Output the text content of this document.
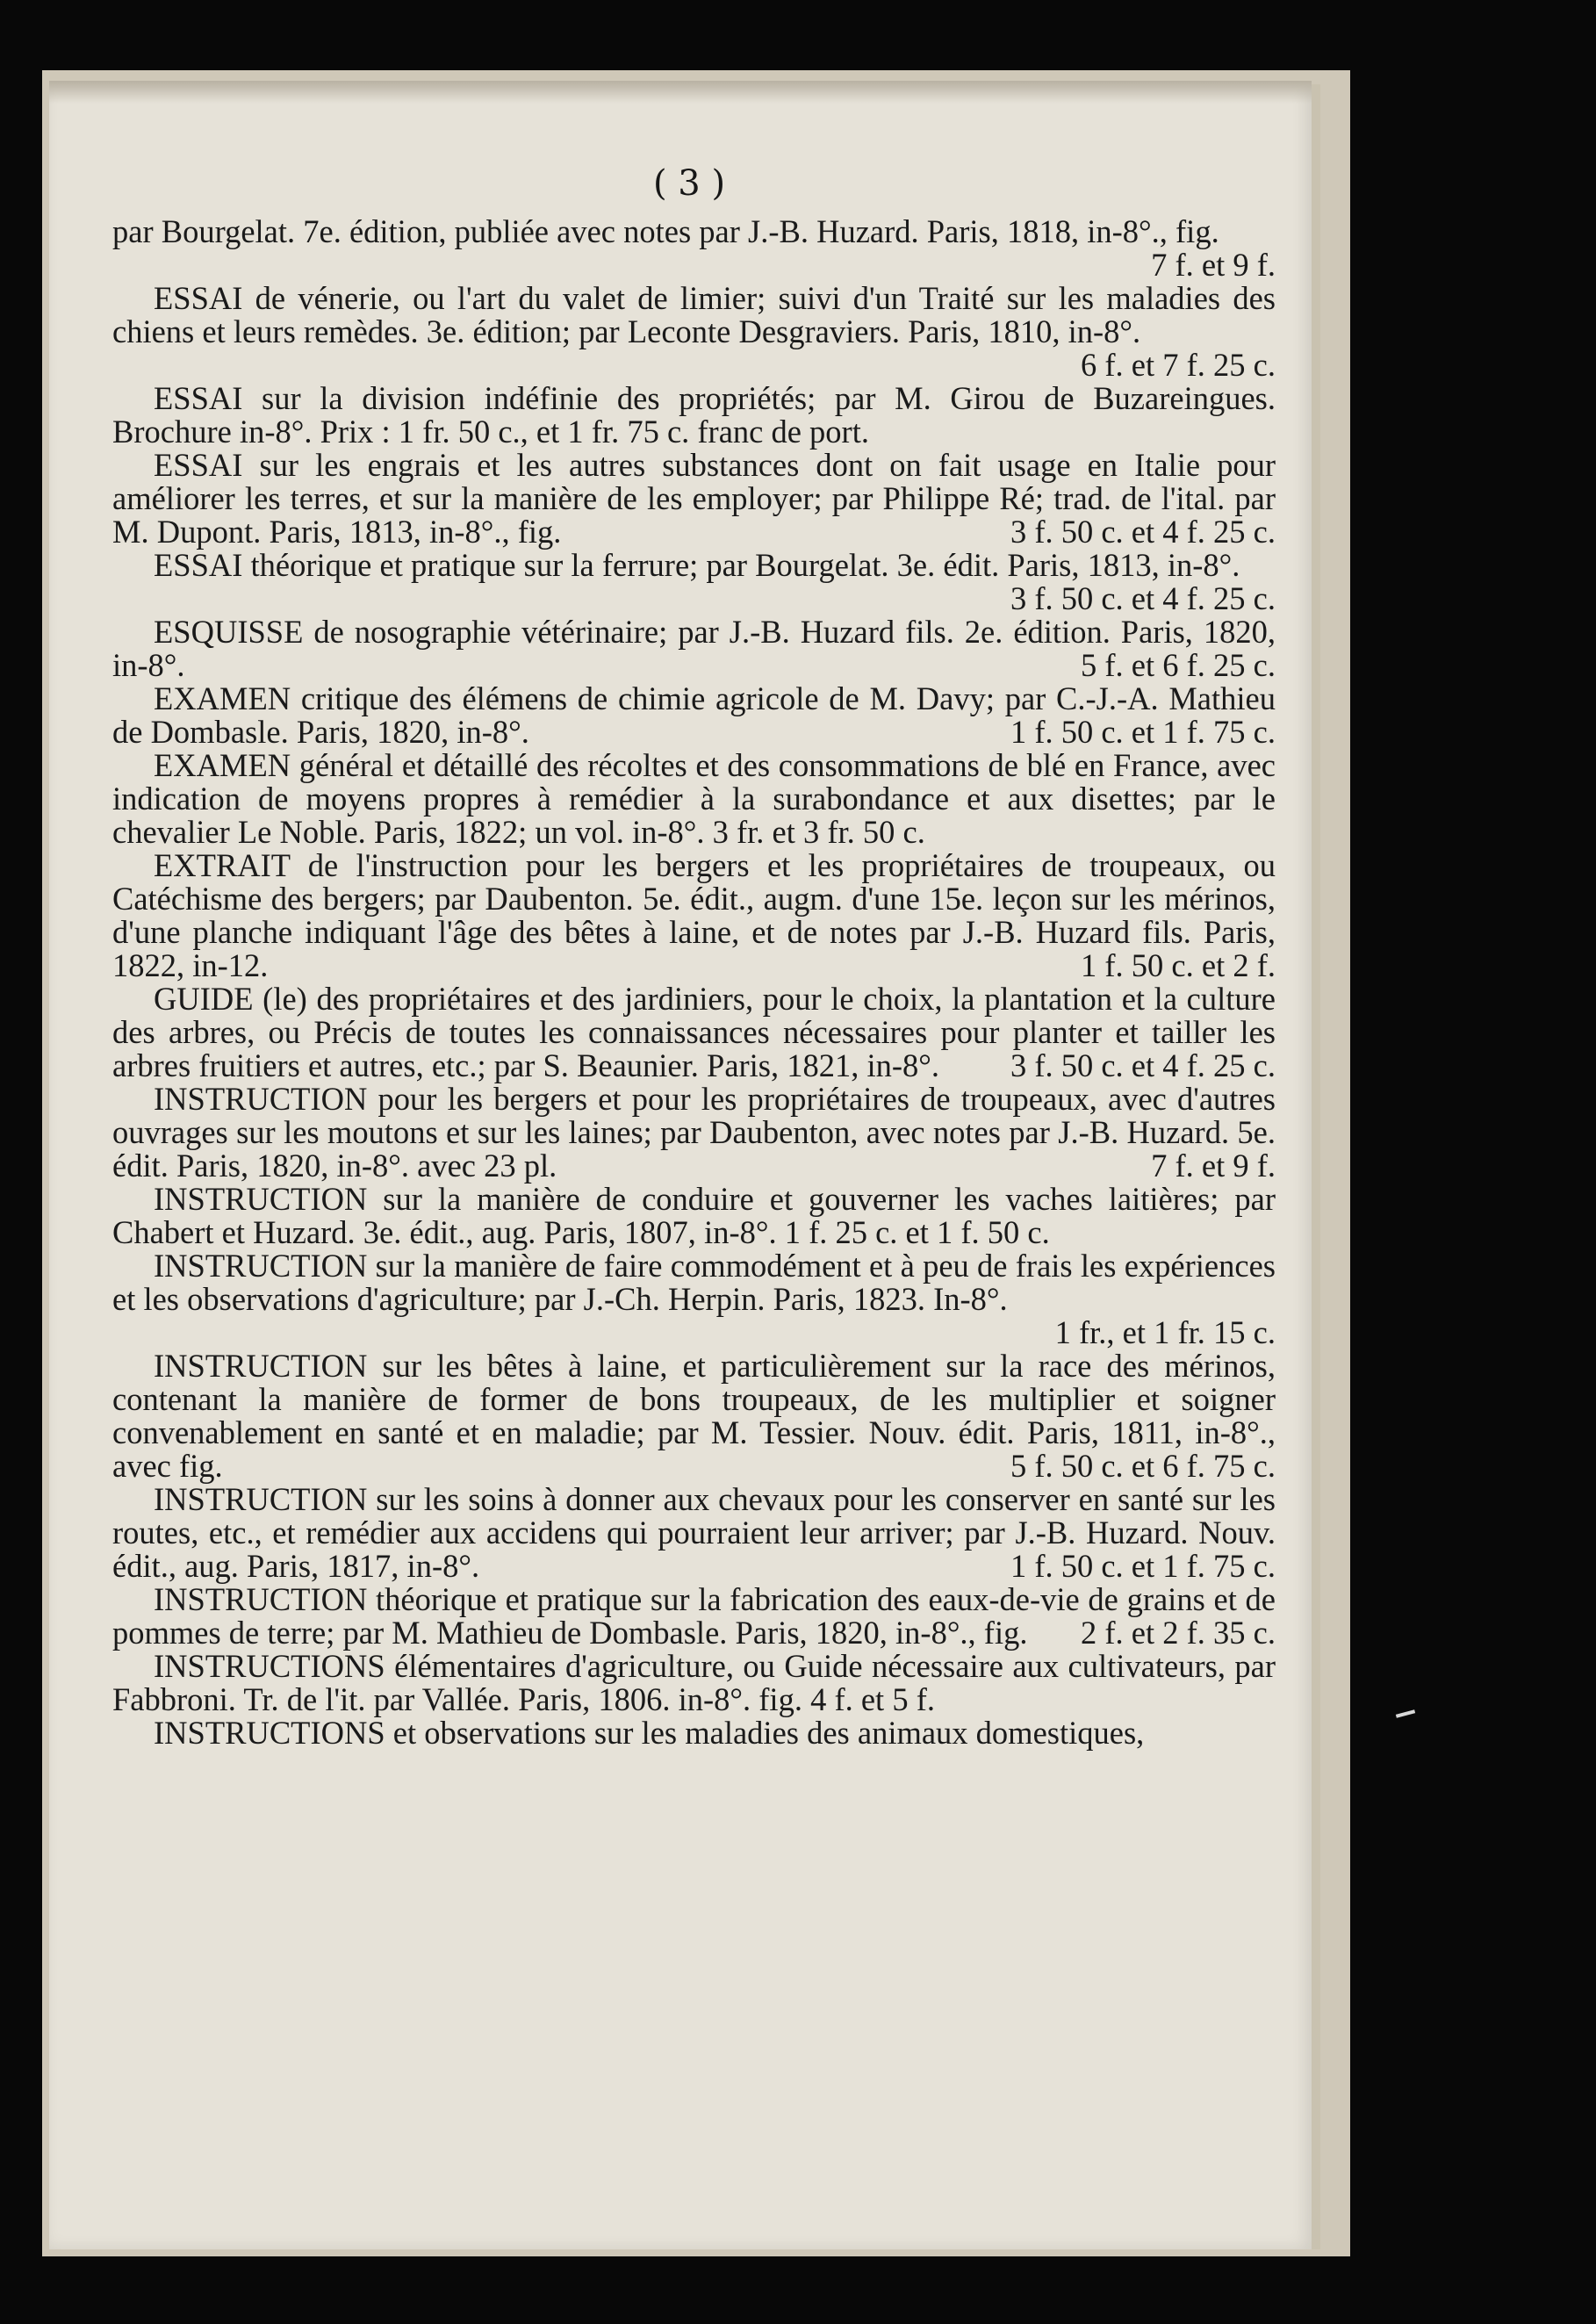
( 3 )

par Bourgelat. 7e. édition, publiée avec notes par J.-B. Huzard. Paris, 1818, in-8°., fig.
7 f. et 9 f.

ESSAI de vénerie, ou l'art du valet de limier; suivi d'un Traité sur les maladies des chiens et leurs remèdes. 3e. édition; par Leconte Desgraviers. Paris, 1810, in-8°.
6 f. et 7 f. 25 c.

ESSAI sur la division indéfinie des propriétés; par M. Girou de Buzareingues. Brochure in-8°. Prix : 1 fr. 50 c., et 1 fr. 75 c. franc de port.

ESSAI sur les engrais et les autres substances dont on fait usage en Italie pour améliorer les terres, et sur la manière de les employer; par Philippe Ré; trad. de l'ital. par M. Dupont. Paris, 1813, in-8°., fig.	3 f. 50 c. et 4 f. 25 c.

ESSAI théorique et pratique sur la ferrure; par Bourgelat. 3e. édit. Paris, 1813, in-8°.
3 f. 50 c. et 4 f. 25 c.

ESQUISSE de nosographie vétérinaire; par J.-B. Huzard fils. 2e. édition. Paris, 1820, in-8°.	5 f. et 6 f. 25 c.

EXAMEN critique des élémens de chimie agricole de M. Davy; par C.-J.-A. Mathieu de Dombasle. Paris, 1820, in-8°.	1 f. 50 c. et 1 f. 75 c.

EXAMEN général et détaillé des récoltes et des consommations de blé en France, avec indication de moyens propres à remédier à la surabondance et aux disettes; par le chevalier Le Noble. Paris, 1822; un vol. in-8°. 3 fr. et 3 fr. 50 c.

EXTRAIT de l'instruction pour les bergers et les propriétaires de troupeaux, ou Catéchisme des bergers; par Daubenton. 5e. édit., augm. d'une 15e. leçon sur les mérinos, d'une planche indiquant l'âge des bêtes à laine, et de notes par J.-B. Huzard fils. Paris, 1822, in-12.	1 f. 50 c. et 2 f.

GUIDE (le) des propriétaires et des jardiniers, pour le choix, la plantation et la culture des arbres, ou Précis de toutes les connaissances nécessaires pour planter et tailler les arbres fruitiers et autres, etc.; par S. Beaunier. Paris, 1821, in-8°.	3 f. 50 c. et 4 f. 25 c.

INSTRUCTION pour les bergers et pour les propriétaires de troupeaux, avec d'autres ouvrages sur les moutons et sur les laines; par Daubenton, avec notes par J.-B. Huzard. 5e. édit. Paris, 1820, in-8°. avec 23 pl.	7 f. et 9 f.

INSTRUCTION sur la manière de conduire et gouverner les vaches laitières; par Chabert et Huzard. 3e. édit., aug. Paris, 1807, in-8°. 1 f. 25 c. et 1 f. 50 c.

INSTRUCTION sur la manière de faire commodément et à peu de frais les expériences et les observations d'agriculture; par J.-Ch. Herpin. Paris, 1823. In-8°.
1 fr., et 1 fr. 15 c.

INSTRUCTION sur les bêtes à laine, et particulièrement sur la race des mérinos, contenant la manière de former de bons troupeaux, de les multiplier et soigner convenablement en santé et en maladie; par M. Tessier. Nouv. édit. Paris, 1811, in-8°., avec fig.	5 f. 50 c. et 6 f. 75 c.

INSTRUCTION sur les soins à donner aux chevaux pour les conserver en santé sur les routes, etc., et remédier aux accidens qui pourraient leur arriver; par J.-B. Huzard. Nouv. édit., aug. Paris, 1817, in-8°.	1 f. 50 c. et 1 f. 75 c.

INSTRUCTION théorique et pratique sur la fabrication des eaux-de-vie de grains et de pommes de terre; par M. Mathieu de Dombasle. Paris, 1820, in-8°., fig.	2 f. et 2 f. 35 c.

INSTRUCTIONS élémentaires d'agriculture, ou Guide nécessaire aux cultivateurs, par Fabbroni. Tr. de l'it. par Vallée. Paris, 1806. in-8°. fig. 4 f. et 5 f.

INSTRUCTIONS et observations sur les maladies des animaux domestiques,
